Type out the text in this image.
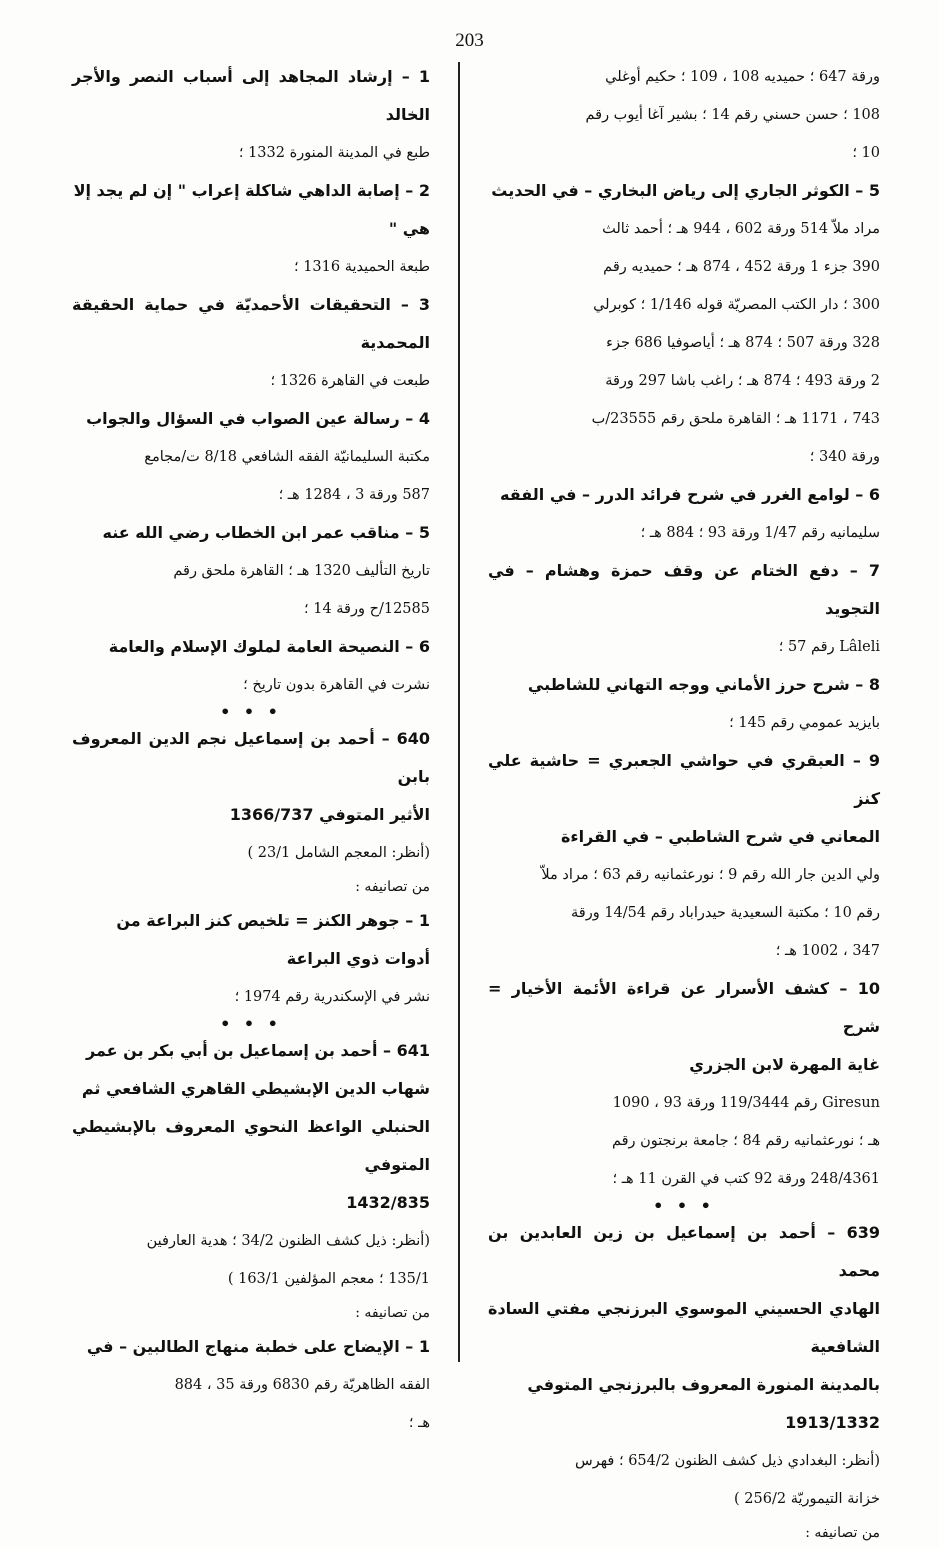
203

ورقة 647 ؛ حميديه 108 ، 109 ؛ حكيم أوغلي

108 ؛ حسن حسني رقم 14 ؛ بشير آغا أيوب رقم

10 ؛

5 – الكوثر الجاري إلى رياض البخاري – في الحديث

مراد ملاّ 514 ورقة 602 ، 944 هـ ؛ أحمد ثالث

390 جزء 1 ورقة 452 ، 874 هـ ؛ حميديه رقم

300 ؛ دار الكتب المصريّة قوله 1/146 ؛ كوبرلي

328 ورقة 507 ؛ 874 هـ ؛ أياصوفيا 686 جزء

2 ورقة 493 ؛ 874 هـ ؛ راغب باشا 297 ورقة

743 ، 1171 هـ ؛ القاهرة ملحق رقم 23555/ب

ورقة 340 ؛

6 – لوامع الغرر في شرح فرائد الدرر – في الفقه

سليمانيه رقم 1/47 ورقة 93 ؛ 884 هـ ؛

7 – دفع الختام عن وقف حمزة وهشام – في التجويد

Lâleli رقم 57 ؛

8 – شرح حرز الأماني ووجه التهاني للشاطبي

بايزيد عمومي رقم 145 ؛

9 – العبقري في حواشي الجعبري = حاشية علي كنز

المعاني في شرح الشاطبي – في القراءة

ولي الدين جار الله رقم 9 ؛ نورعثمانيه رقم 63 ؛ مراد ملاّ

رقم 10 ؛ مكتبة السعيدية حيدراباد رقم 14/54 ورقة

347 ، 1002 هـ ؛

10 – كشف الأسرار عن قراءة الأئمة الأخيار = شرح

غاية المهرة لابن الجزري

Giresun رقم 119/3444 ورقة 93 ، 1090

هـ ؛ نورعثمانيه رقم 84 ؛ جامعة برنجتون رقم

248/4361 ورقة 92 كتب في القرن 11 هـ ؛

• • •

639 – أحمد بن إسماعيل بن زين العابدين بن محمد

الهادي الحسيني الموسوي البرزنجي مفتي السادة الشافعية

بالمدينة المنورة المعروف بالبرزنجي المتوفي

1913/1332

(أنظر: البغدادي ذيل كشف الظنون 654/2 ؛ فهرس

خزانة التيموريّة 256/2 )

من تصانيفه :

1 – إرشاد المجاهد إلى أسباب النصر والأجر الخالد

طبع في المدينة المنورة 1332 ؛

2 – إصابة الداهي شاكلة إعراب " إن لم يجد إلا

هي "

طبعة الحميدية 1316 ؛

3 – التحقيقات الأحمديّة في حماية الحقيقة المحمدية

طبعت في القاهرة 1326 ؛

4 – رسالة عين الصواب في السؤال والجواب

مكتبة السليمانيّة الفقه الشافعي 8/18 ت/مجامع

587 ورقة 3 ، 1284 هـ ؛

5 – مناقب عمر ابن الخطاب رضي الله عنه

تاريخ التأليف 1320 هـ ؛ القاهرة ملحق رقم

12585/ح ورقة 14 ؛

6 – النصيحة العامة لملوك الإسلام والعامة

نشرت في القاهرة بدون تاريخ ؛

• • •

640 – أحمد بن إسماعيل نجم الدين المعروف بابن

الأثير المتوفي 1366/737

(أنظر: المعجم الشامل 23/1 )

من تصانيفه :

1 – جوهر الكنز = تلخيص كنز البراعة من

أدوات ذوي البراعة

نشر في الإسكندرية رقم 1974 ؛

• • •

641 – أحمد بن إسماعيل بن أبي بكر بن عمر

شهاب الدين الإبشيطي القاهري الشافعي ثم

الحنبلي الواعظ النحوي المعروف بالإبشيطي المتوفي

1432/835

(أنظر: ذيل كشف الظنون 34/2 ؛ هدية العارفين

135/1 ؛ معجم المؤلفين 163/1 )

من تصانيفه :

1 – الإيضاح على خطبة منهاج الطالبين – في

الفقه الظاهريّة رقم 6830 ورقة 35 ، 884

هـ ؛
